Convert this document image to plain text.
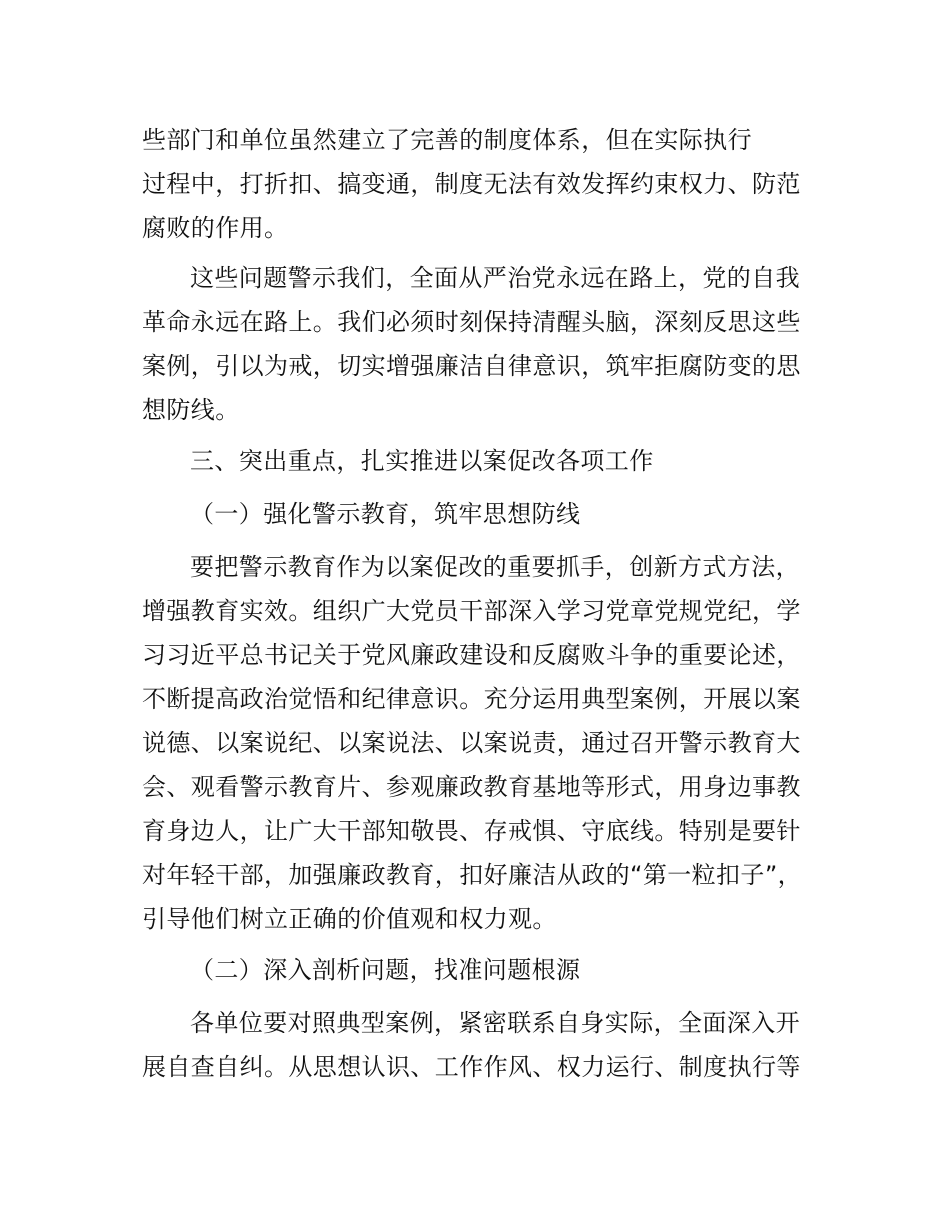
些部门和单位虽然建立了完善的制度体系，但在实际执行
过程中，打折扣、搞变通，制度无法有效发挥约束权力、防范
腐败的作用。
这些问题警示我们，全面从严治党永远在路上，党的自我
革命永远在路上。我们必须时刻保持清醒头脑，深刻反思这些
案例，引以为戒，切实增强廉洁自律意识，筑牢拒腐防变的思
想防线。
三、突出重点，扎实推进以案促改各项工作
（一）强化警示教育，筑牢思想防线
要把警示教育作为以案促改的重要抓手，创新方式方法，
增强教育实效。组织广大党员干部深入学习党章党规党纪，学
习习近平总书记关于党风廉政建设和反腐败斗争的重要论述，
不断提高政治觉悟和纪律意识。充分运用典型案例，开展以案
说德、以案说纪、以案说法、以案说责，通过召开警示教育大
会、观看警示教育片、参观廉政教育基地等形式，用身边事教
育身边人，让广大干部知敬畏、存戒惧、守底线。特别是要针
对年轻干部，加强廉政教育，扣好廉洁从政的“第一粒扣子”，
引导他们树立正确的价值观和权力观。
（二）深入剖析问题，找准问题根源
各单位要对照典型案例，紧密联系自身实际，全面深入开
展自查自纠。从思想认识、工作作风、权力运行、制度执行等
